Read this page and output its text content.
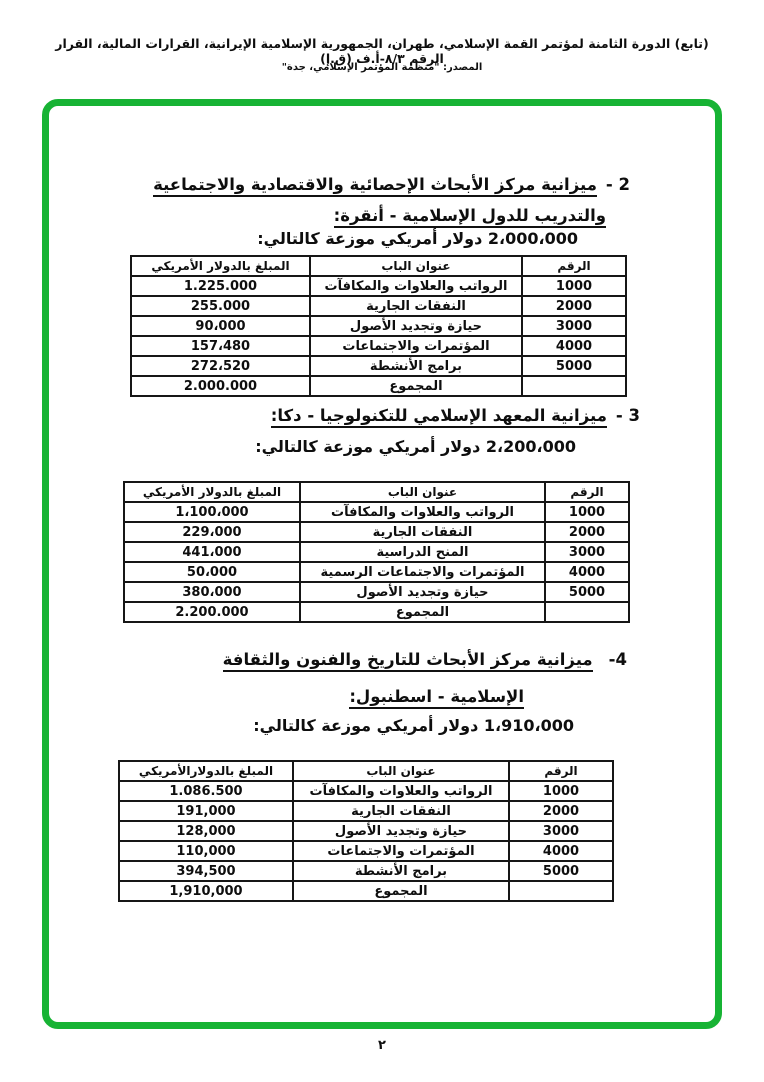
(تابع) الدورة الثامنة لمؤتمر القمة الإسلامي، طهران، الجمهورية الإسلامية الإيرانية، القرارات المالية، القرار الرقم ٨/٣-أ.ف (ق.إ)
المصدر: "منظمة المؤتمر الإسلامي، جدة"
2 -ميزانية مركز الأبحاث الإحصائية والاقتصادية والاجتماعية
والتدريب للدول الإسلامية - أنقرة:
2،000،000 دولار أمريكي موزعة كالتالي:
الرقم	عنوان الباب	المبلغ بالدولار الأمريكي
1000	الرواتب والعلاوات والمكافآت	1.225.000
2000	النفقات الجارية	255.000
3000	حيازة وتجديد الأصول	90،000
4000	المؤتمرات والاجتماعات	157،480
5000	برامج الأنشطة	272،520
	المجموع	2.000.000
3 -ميزانية المعهد الإسلامي للتكنولوجيا - دكا:
2،200،000 دولار أمريكي موزعة كالتالي:
الرقم	عنوان الباب	المبلغ بالدولار الأمريكي
1000	الرواتب والعلاوات والمكافآت	1،100،000
2000	النفقات الجارية	229،000
3000	المنح الدراسية	441،000
4000	المؤتمرات والاجتماعات الرسمية	50،000
5000	حيازة وتجديد الأصول	380،000
	المجموع	2.200.000
4-ميزانية مركز الأبحاث للتاريخ والفنون والثقافة
الإسلامية - اسطنبول:
1،910،000 دولار أمريكي موزعة كالتالي:
الرقم	عنوان الباب	المبلغ بالدولارالأمريكي
1000	الرواتب والعلاوات والمكافآت	1.086.500
2000	النفقات الجارية	191,000
3000	حيازة وتجديد الأصول	128,000
4000	المؤتمرات والاجتماعات	110,000
5000	برامج الأنشطة	394,500
	المجموع	1,910,000
٢
